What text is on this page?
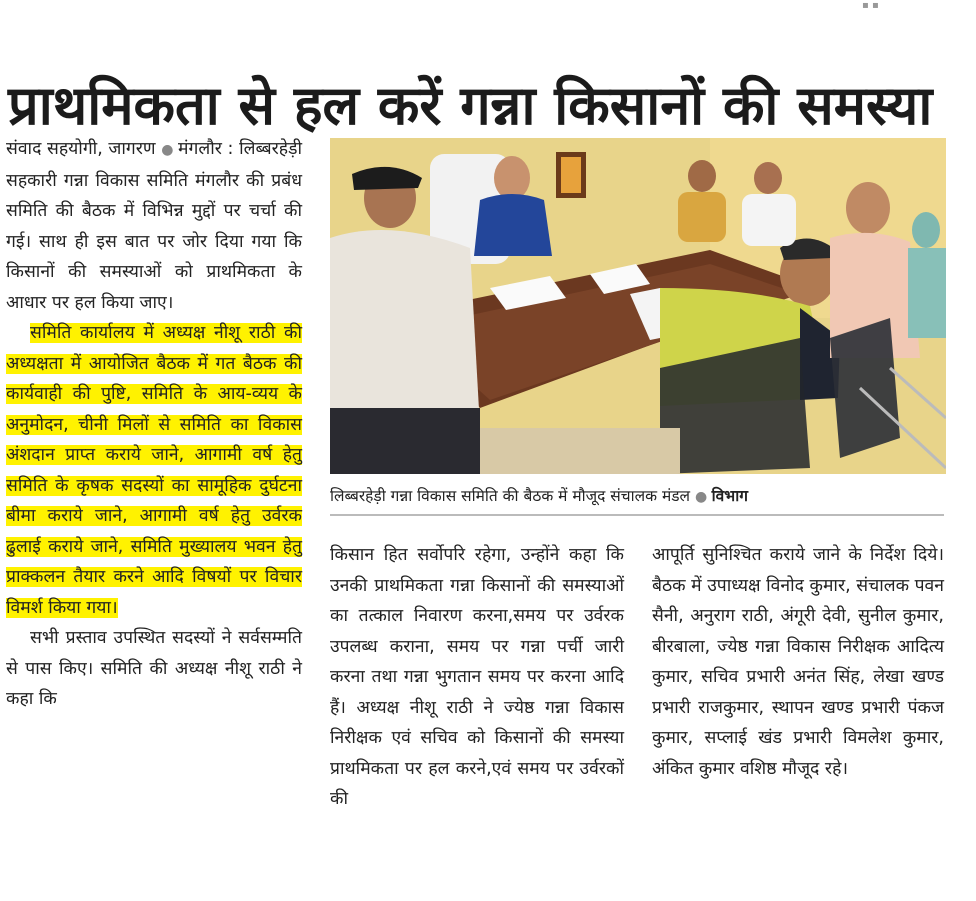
▪ ▪
प्राथमिकता से हल करें गन्ना किसानों की समस्या

संवाद सहयोगी, जागरण ● मंगलौर : लिब्बरहेड़ी सहकारी गन्ना विकास समिति मंगलौर की प्रबंध समिति की बैठक में विभिन्न मुद्दों पर चर्चा की गई। साथ ही इस बात पर जोर दिया गया कि किसानों की समस्याओं को प्राथमिकता के आधार पर हल किया जाए।

समिति कार्यालय में अध्यक्ष नीशू राठी की अध्यक्षता में आयोजित बैठक में गत बैठक की कार्यवाही की पुष्टि, समिति के आय-व्यय के अनुमोदन, चीनी मिलों से समिति का विकास अंशदान प्राप्त कराये जाने, आगामी वर्ष हेतु समिति के कृषक सदस्यों का सामूहिक दुर्घटना बीमा कराये जाने, आगामी वर्ष हेतु उर्वरक ढुलाई कराये जाने, समिति मुख्यालय भवन हेतु प्राक्कलन तैयार करने आदि विषयों पर विचार विमर्श किया गया।

सभी प्रस्ताव उपस्थित सदस्यों ने सर्वसम्मति से पास किए। समिति की अध्यक्ष नीशू राठी ने कहा कि

लिब्बरहेड़ी गन्ना विकास समिति की बैठक में मौजूद संचालक मंडल ● विभाग

किसान हित सर्वोपरि रहेगा, उन्होंने कहा कि उनकी प्राथमिकता गन्ना किसानों की समस्याओं का तत्काल निवारण करना,समय पर उर्वरक उपलब्ध कराना, समय पर गन्ना पर्ची जारी करना तथा गन्ना भुगतान समय पर करना आदि हैं। अध्यक्ष नीशू राठी ने ज्येष्ठ गन्ना विकास निरीक्षक एवं सचिव को किसानों की समस्या प्राथमिकता पर हल करने,एवं समय पर उर्वरकों की

आपूर्ति सुनिश्चित कराये जाने के निर्देश दिये। बैठक में उपाध्यक्ष विनोद कुमार, संचालक पवन सैनी, अनुराग राठी, अंगूरी देवी, सुनील कुमार, बीरबाला, ज्येष्ठ गन्ना विकास निरीक्षक आदित्य कुमार, सचिव प्रभारी अनंत सिंह, लेखा खण्ड प्रभारी राजकुमार, स्थापन खण्ड प्रभारी पंकज कुमार, सप्लाई खंड प्रभारी विमलेश कुमार, अंकित कुमार वशिष्ठ मौजूद रहे।
